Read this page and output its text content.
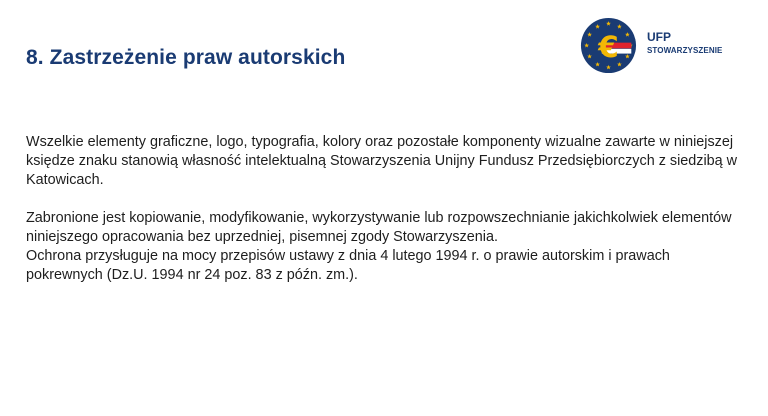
8. Zastrzeżenie praw autorskich	€ UFP
STOWARZYSZENIE

Wszelkie elementy graficzne, logo, typografia, kolory oraz pozostałe komponenty wizualne zawarte w niniejszej księdze znaku stanowią własność intelektualną Stowarzyszenia Unijny Fundusz Przedsiębiorczych z siedzibą w Katowicach.

Zabronione jest kopiowanie, modyfikowanie, wykorzystywanie lub rozpowszechnianie jakichkolwiek elementów niniejszego opracowania bez uprzedniej, pisemnej zgody Stowarzyszenia.

Ochrona przysługuje na mocy przepisów ustawy z dnia 4 lutego 1994 r. o prawie autorskim i prawach pokrewnych (Dz.U. 1994 nr 24 poz. 83 z późn. zm.).
